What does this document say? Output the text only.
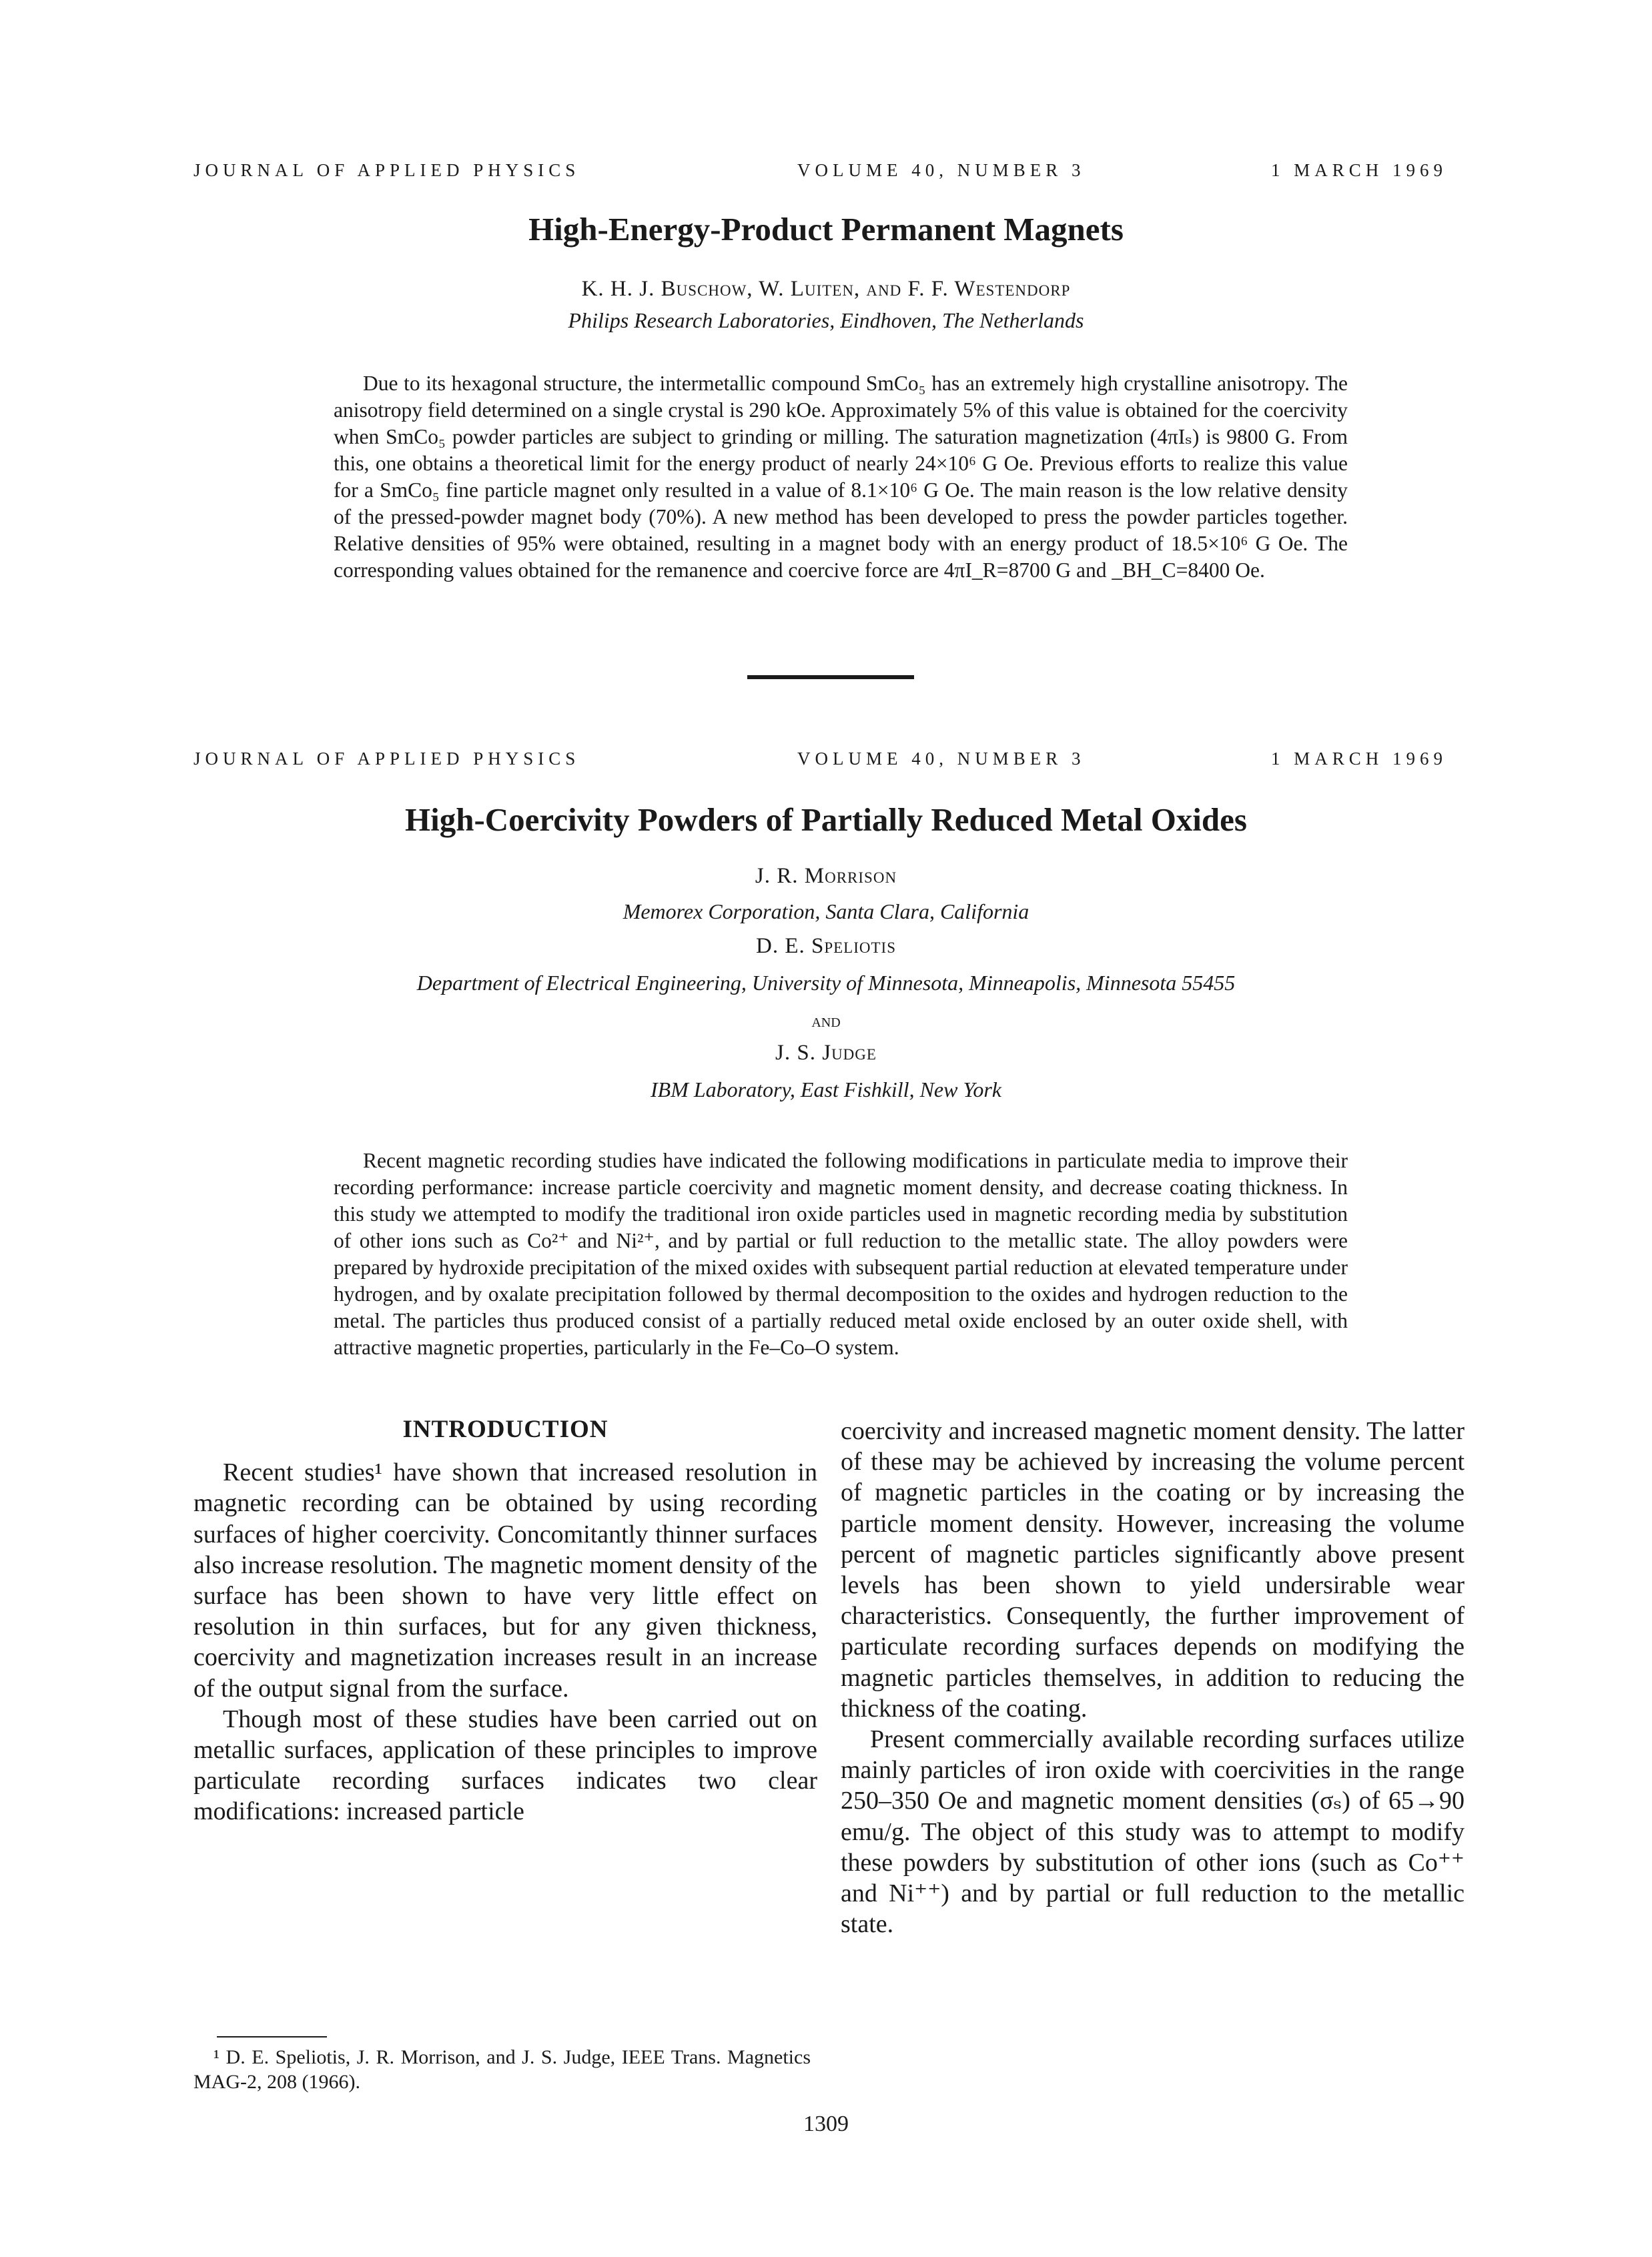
JOURNAL OF APPLIED PHYSICS	VOLUME 40, NUMBER 3	1 MARCH 1969
High-Energy-Product Permanent Magnets
K. H. J. Buschow, W. Luiten, and F. F. Westendorp
Philips Research Laboratories, Eindhoven, The Netherlands

Due to its hexagonal structure, the intermetallic compound SmCo₅ has an extremely high crystalline anisotropy. The anisotropy field determined on a single crystal is 290 kOe. Approximately 5% of this value is obtained for the coercivity when SmCo₅ powder particles are subject to grinding or milling. The saturation magnetization (4πIₛ) is 9800 G. From this, one obtains a theoretical limit for the energy product of nearly 24×10⁶ G Oe. Previous efforts to realize this value for a SmCo₅ fine particle magnet only resulted in a value of 8.1×10⁶ G Oe. The main reason is the low relative density of the pressed-powder magnet body (70%). A new method has been developed to press the powder particles together. Relative densities of 95% were obtained, resulting in a magnet body with an energy product of 18.5×10⁶ G Oe. The corresponding values obtained for the remanence and coercive force are 4πI_R=8700 G and _BH_C=8400 Oe.

JOURNAL OF APPLIED PHYSICS	VOLUME 40, NUMBER 3	1 MARCH 1969
High-Coercivity Powders of Partially Reduced Metal Oxides
J. R. Morrison
Memorex Corporation, Santa Clara, California
D. E. Speliotis
Department of Electrical Engineering, University of Minnesota, Minneapolis, Minnesota 55455
and
J. S. Judge
IBM Laboratory, East Fishkill, New York

Recent magnetic recording studies have indicated the following modifications in particulate media to improve their recording performance: increase particle coercivity and magnetic moment density, and decrease coating thickness. In this study we attempted to modify the traditional iron oxide particles used in magnetic recording media by substitution of other ions such as Co²⁺ and Ni²⁺, and by partial or full reduction to the metallic state. The alloy powders were prepared by hydroxide precipitation of the mixed oxides with subsequent partial reduction at elevated temperature under hydrogen, and by oxalate precipitation followed by thermal decomposition to the oxides and hydrogen reduction to the metal. The particles thus produced consist of a partially reduced metal oxide enclosed by an outer oxide shell, with attractive magnetic properties, particularly in the Fe–Co–O system.

INTRODUCTION

Recent studies¹ have shown that increased resolution in magnetic recording can be obtained by using recording surfaces of higher coercivity. Concomitantly thinner surfaces also increase resolution. The magnetic moment density of the surface has been shown to have very little effect on resolution in thin surfaces, but for any given thickness, coercivity and magnetization increases result in an increase of the output signal from the surface.

Though most of these studies have been carried out on metallic surfaces, application of these principles to improve particulate recording surfaces indicates two clear modifications: increased particle

¹ D. E. Speliotis, J. R. Morrison, and J. S. Judge, IEEE Trans. Magnetics MAG-2, 208 (1966).

coercivity and increased magnetic moment density. The latter of these may be achieved by increasing the volume percent of magnetic particles in the coating or by increasing the particle moment density. However, increasing the volume percent of magnetic particles significantly above present levels has been shown to yield undersirable wear characteristics. Consequently, the further improvement of particulate recording surfaces depends on modifying the magnetic particles themselves, in addition to reducing the thickness of the coating.

Present commercially available recording surfaces utilize mainly particles of iron oxide with coercivities in the range 250–350 Oe and magnetic moment densities (σₛ) of 65→90 emu/g. The object of this study was to attempt to modify these powders by substitution of other ions (such as Co⁺⁺ and Ni⁺⁺) and by partial or full reduction to the metallic state.

1309
